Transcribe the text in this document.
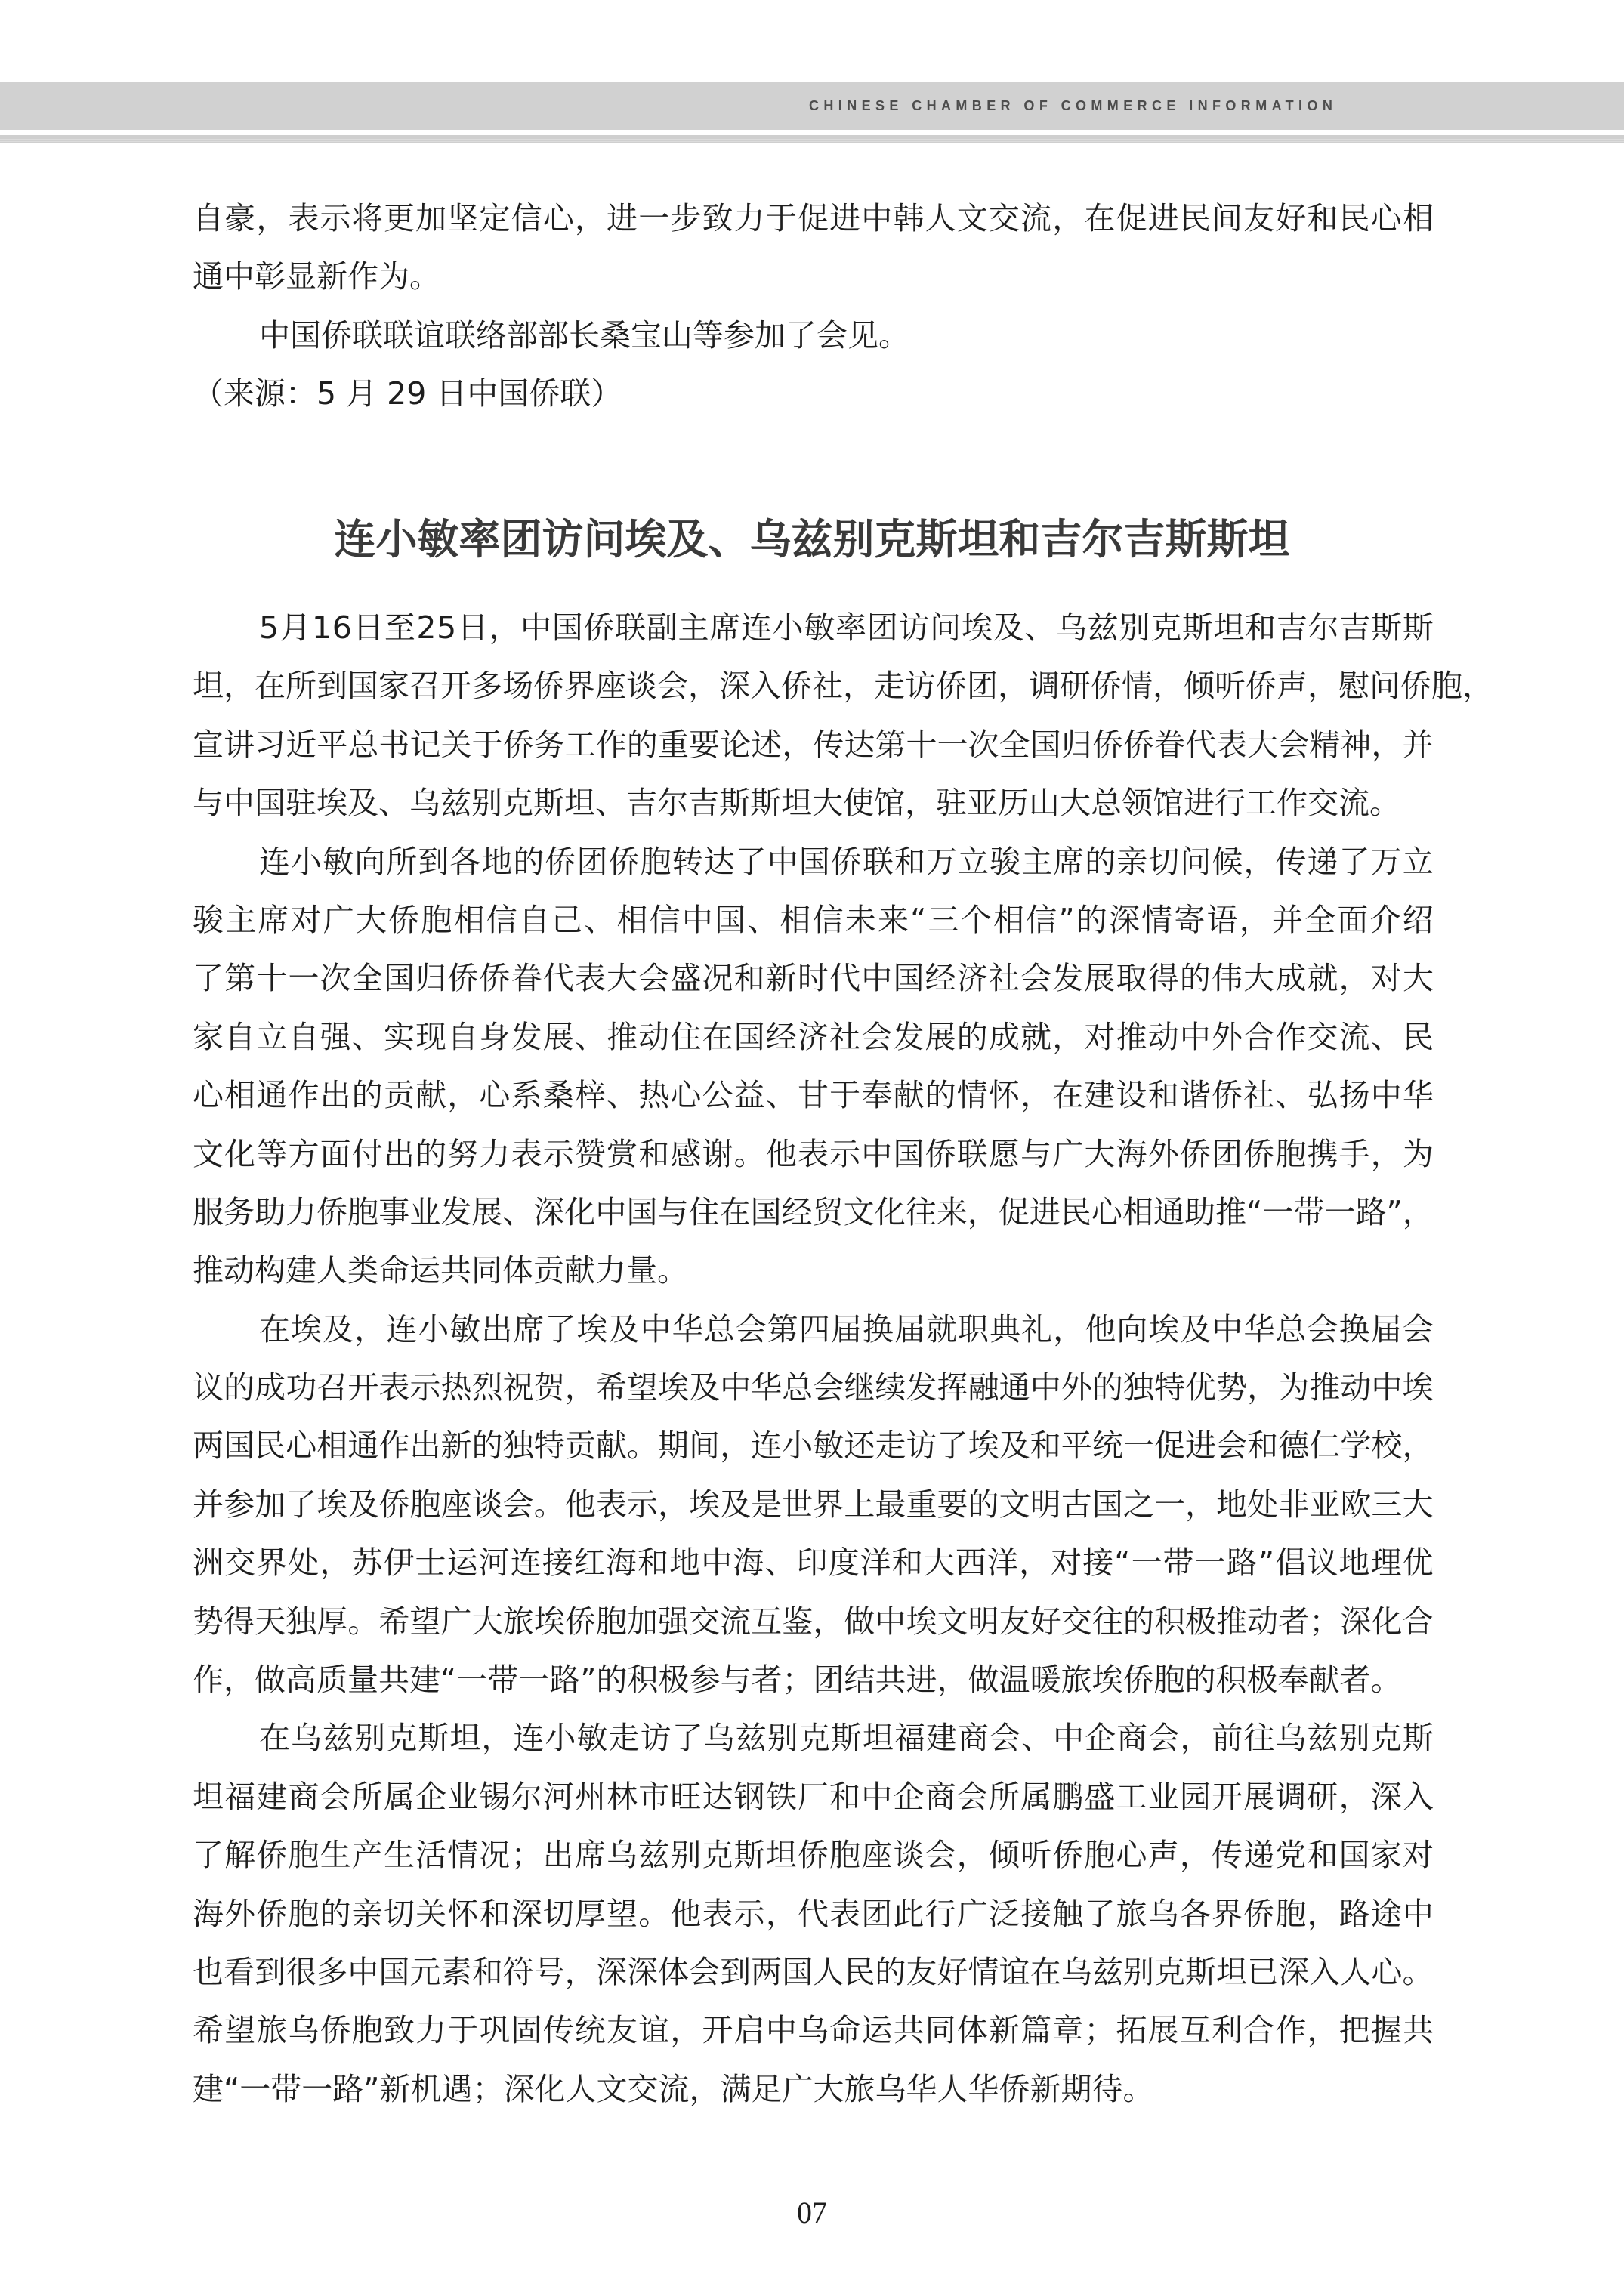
CHINESE CHAMBER OF COMMERCE INFORMATION
自 豪 ， 表 示 将 更 加 坚 定 信 心 ， 进 一 步 致 力 于 促 进 中 韩 人 文 交 流 ， 在 促 进 民 间 友 好 和 民 心 相
通中彰显新作为。
中国侨联联谊联络部部长桑宝山等参加了会见。
（来源：5 月 29 日中国侨联）
连小敏率团访问埃及、乌兹别克斯坦和吉尔吉斯斯坦
5
月
1 6
日 至
2 5
日 ， 中 国 侨 联 副 主 席 连 小 敏 率 团 访 问 埃 及 、 乌 兹 别 克 斯 坦 和 吉 尔 吉 斯 斯
坦 ， 在 所 到 国 家 召 开 多 场 侨 界 座 谈 会 ， 深 入 侨 社 ， 走 访 侨 团 ， 调 研 侨 情 ， 倾 听 侨 声 ， 慰 问 侨 胞 ，
宣 讲 习 近 平 总 书 记 关 于 侨 务 工 作 的 重 要 论 述 ， 传 达 第 十 一 次 全 国 归 侨 侨 眷 代 表 大 会 精 神 ， 并
与中国驻埃及、乌兹别克斯坦、吉尔吉斯斯坦大使馆，驻亚历山大总领馆进行工作交流。
连 小 敏 向 所 到 各 地 的 侨 团 侨 胞 转 达 了 中 国 侨 联 和 万 立 骏 主 席 的 亲 切 问 候 ， 传 递 了 万 立
骏 主 席 对 广 大 侨 胞 相 信 自 己 、 相 信 中 国 、 相 信 未 来 “ 三 个 相 信 ” 的 深 情 寄 语 ， 并 全 面 介 绍
了 第 十 一 次 全 国 归 侨 侨 眷 代 表 大 会 盛 况 和 新 时 代 中 国 经 济 社 会 发 展 取 得 的 伟 大 成 就 ， 对 大
家 自 立 自 强 、 实 现 自 身 发 展 、 推 动 住 在 国 经 济 社 会 发 展 的 成 就 ， 对 推 动 中 外 合 作 交 流 、 民
心 相 通 作 出 的 贡 献 ， 心 系 桑 梓 、 热 心 公 益 、 甘 于 奉 献 的 情 怀 ， 在 建 设 和 谐 侨 社 、 弘 扬 中 华
文 化 等 方 面 付 出 的 努 力 表 示 赞 赏 和 感 谢 。 他 表 示 中 国 侨 联 愿 与 广 大 海 外 侨 团 侨 胞 携 手 ， 为
服 务 助 力 侨 胞 事 业 发 展 、 深 化 中 国 与 住 在 国 经 贸 文 化 往 来 ， 促 进 民 心 相 通 助 推 “ 一 带 一 路 ” ，
推动构建人类命运共同体贡献力量。
在 埃 及 ， 连 小 敏 出 席 了 埃 及 中 华 总 会 第 四 届 换 届 就 职 典 礼 ， 他 向 埃 及 中 华 总 会 换 届 会
议 的 成 功 召 开 表 示 热 烈 祝 贺 ， 希 望 埃 及 中 华 总 会 继 续 发 挥 融 通 中 外 的 独 特 优 势 ， 为 推 动 中 埃
两 国 民 心 相 通 作 出 新 的 独 特 贡 献 。 期 间 ， 连 小 敏 还 走 访 了 埃 及 和 平 统 一 促 进 会 和 德 仁 学 校 ，
并 参 加 了 埃 及 侨 胞 座 谈 会 。 他 表 示 ， 埃 及 是 世 界 上 最 重 要 的 文 明 古 国 之 一 ， 地 处 非 亚 欧 三 大
洲 交 界 处 ， 苏 伊 士 运 河 连 接 红 海 和 地 中 海 、 印 度 洋 和 大 西 洋 ， 对 接 “ 一 带 一 路 ” 倡 议 地 理 优
势 得 天 独 厚 。 希 望 广 大 旅 埃 侨 胞 加 强 交 流 互 鉴 ， 做 中 埃 文 明 友 好 交 往 的 积 极 推 动 者 ； 深 化 合
作，做高质量共建“一带一路”的积极参与者；团结共进，做温暖旅埃侨胞的积极奉献者。
在 乌 兹 别 克 斯 坦 ， 连 小 敏 走 访 了 乌 兹 别 克 斯 坦 福 建 商 会 、 中 企 商 会 ， 前 往 乌 兹 别 克 斯
坦 福 建 商 会 所 属 企 业 锡 尔 河 州 林 市 旺 达 钢 铁 厂 和 中 企 商 会 所 属 鹏 盛 工 业 园 开 展 调 研 ， 深 入
了 解 侨 胞 生 产 生 活 情 况 ； 出 席 乌 兹 别 克 斯 坦 侨 胞 座 谈 会 ， 倾 听 侨 胞 心 声 ， 传 递 党 和 国 家 对
海 外 侨 胞 的 亲 切 关 怀 和 深 切 厚 望 。 他 表 示 ， 代 表 团 此 行 广 泛 接 触 了 旅 乌 各 界 侨 胞 ， 路 途 中
也 看 到 很 多 中 国 元 素 和 符 号 ， 深 深 体 会 到 两 国 人 民 的 友 好 情 谊 在 乌 兹 别 克 斯 坦 已 深 入 人 心 。
希 望 旅 乌 侨 胞 致 力 于 巩 固 传 统 友 谊 ， 开 启 中 乌 命 运 共 同 体 新 篇 章 ； 拓 展 互 利 合 作 ， 把 握 共
建“一带一路”新机遇；深化人文交流，满足广大旅乌华人华侨新期待。
07
